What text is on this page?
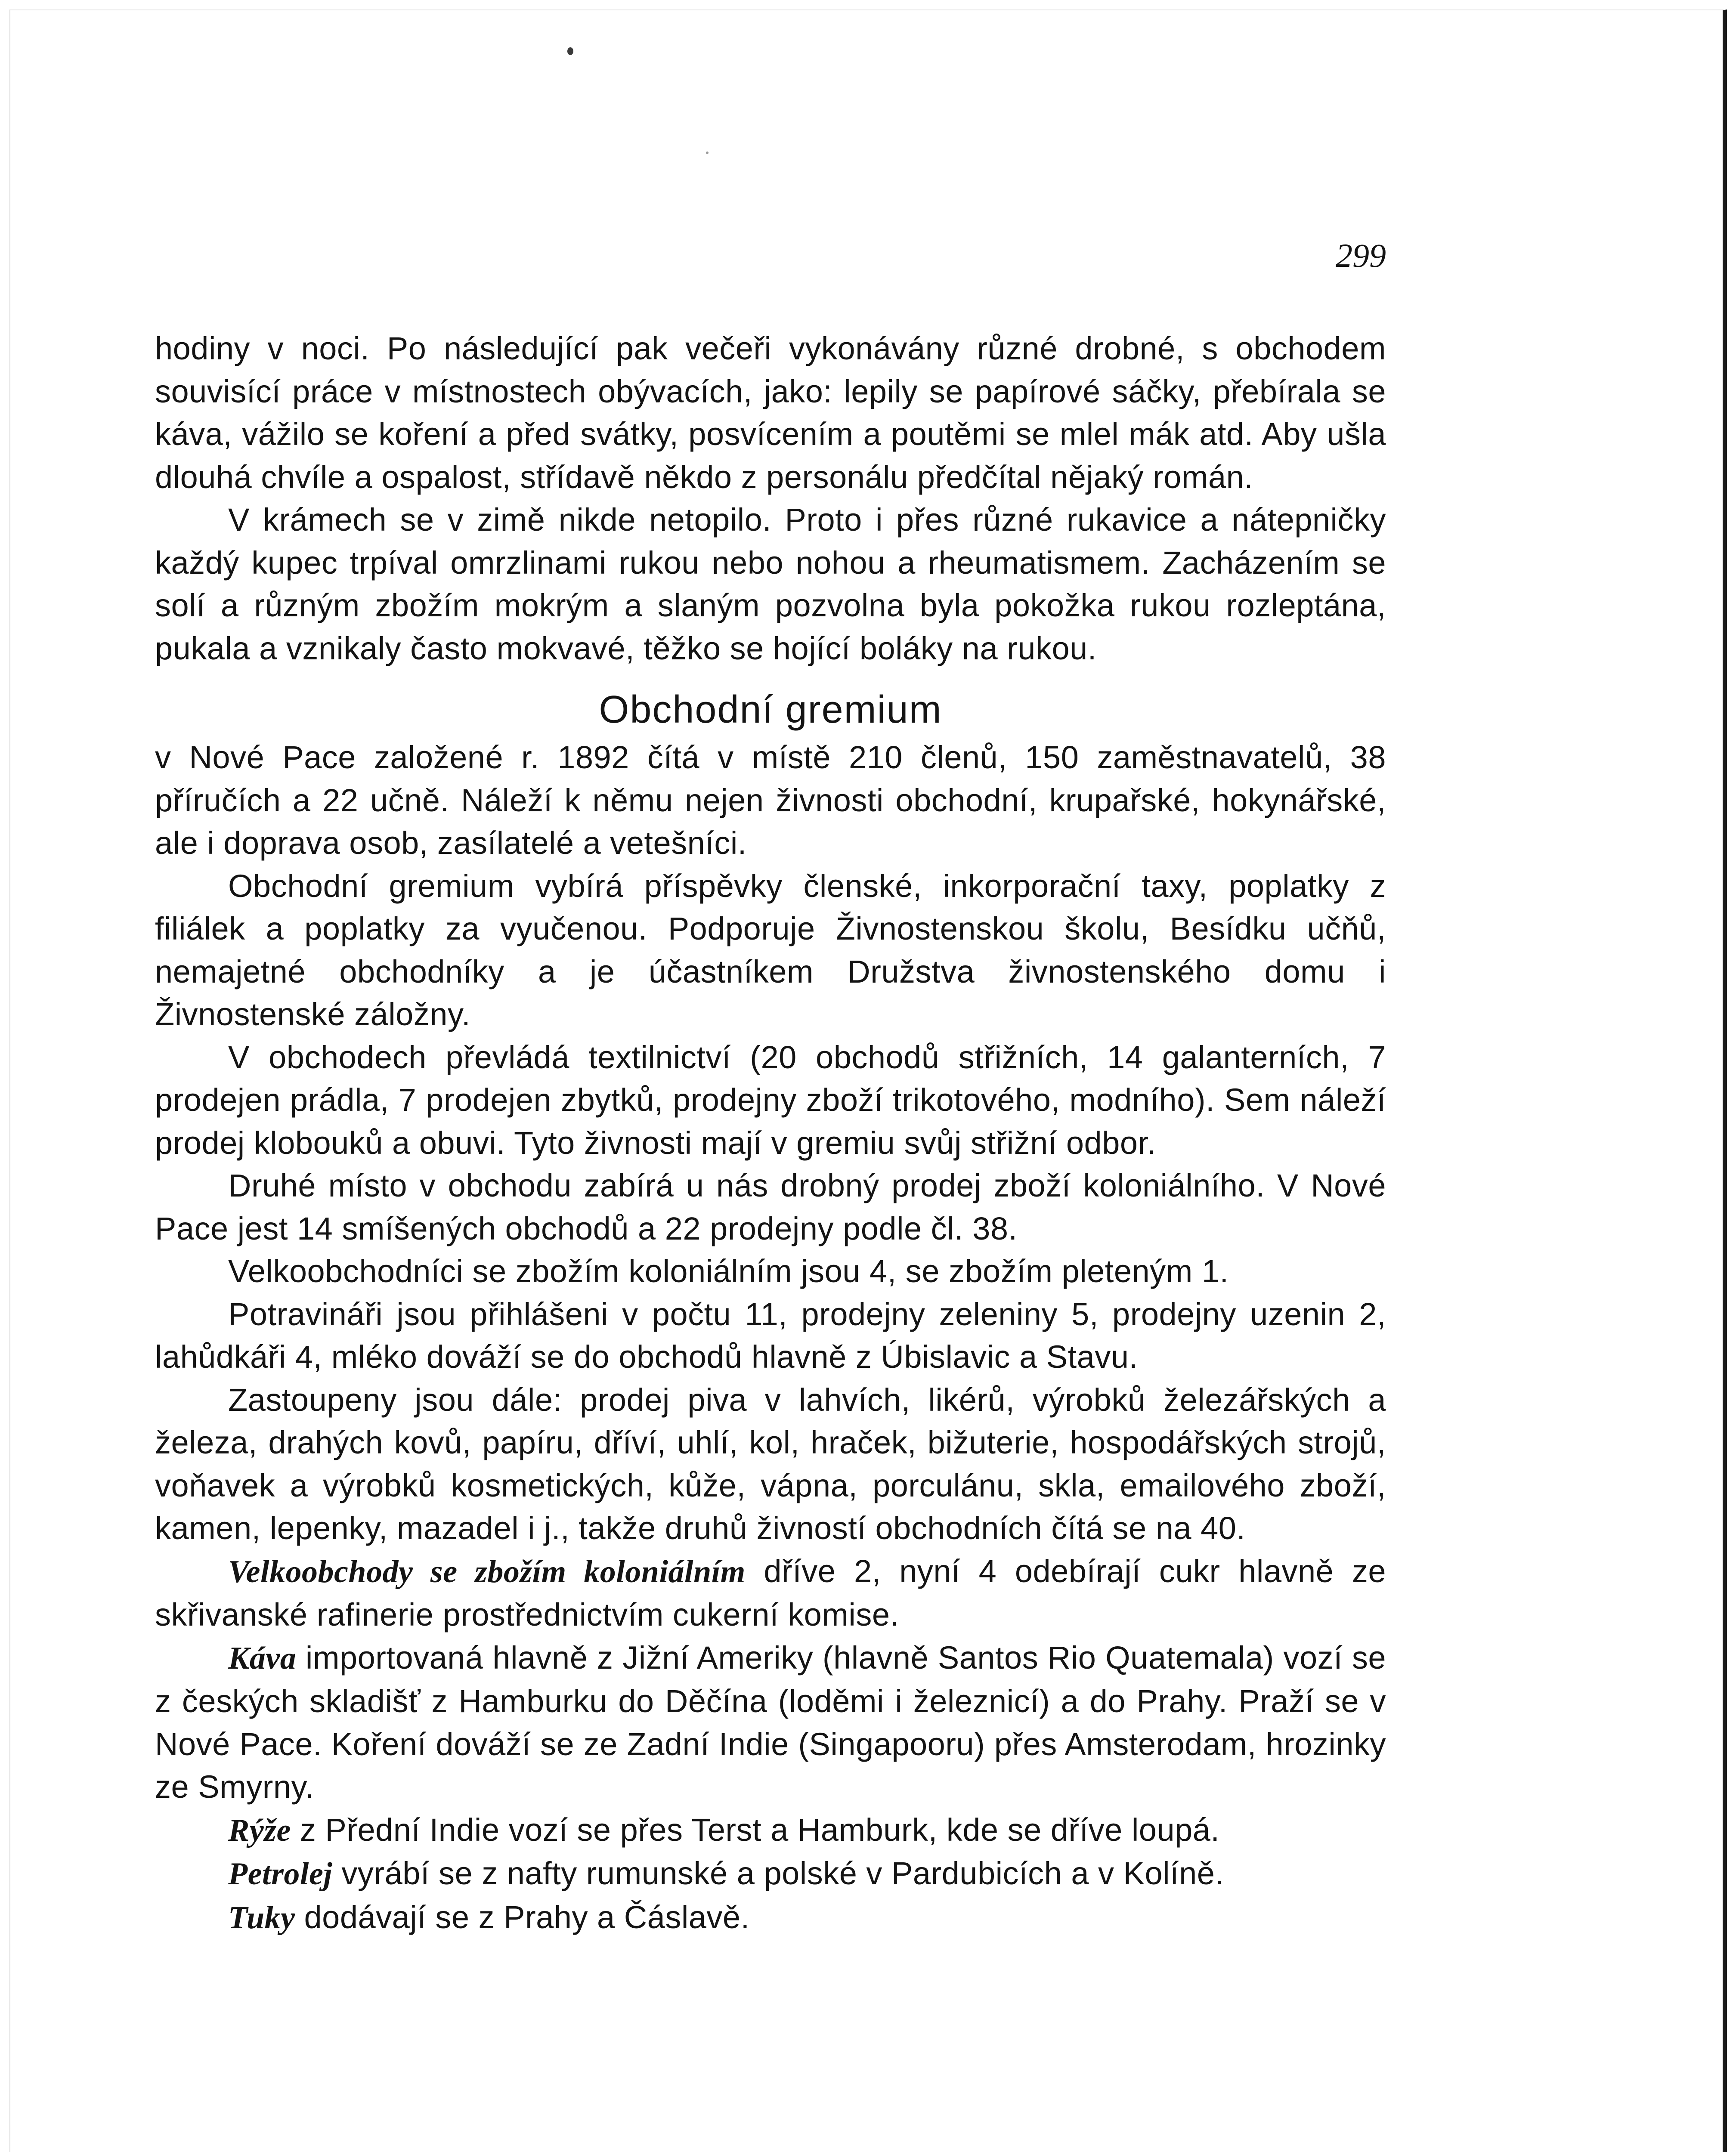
299

hodiny v noci. Po následující pak večeři vykonávány různé drobné, s obchodem souvisící práce v místnostech obývacích, jako: lepily se papírové sáčky, přebírala se káva, vážilo se koření a před svátky, posvícením a poutěmi se mlel mák atd. Aby ušla dlouhá chvíle a ospalost, střídavě někdo z personálu předčítal nějaký román.

V krámech se v zimě nikde netopilo. Proto i přes různé rukavice a nátepničky každý kupec trpíval omrzlinami rukou nebo nohou a rheumatismem. Zacházením se solí a různým zbožím mokrým a slaným pozvolna byla pokožka rukou rozleptána, pukala a vznikaly často mokvavé, těžko se hojící boláky na rukou.

Obchodní gremium

v Nové Pace založené r. 1892 čítá v místě 210 členů, 150 zaměstnavatelů, 38 příručích a 22 učně. Náleží k němu nejen živnosti obchodní, krupařské, hokynářské, ale i doprava osob, zasílatelé a vetešníci.

Obchodní gremium vybírá příspěvky členské, inkorporační taxy, poplatky z filiálek a poplatky za vyučenou. Podporuje Živnostenskou školu, Besídku učňů, nemajetné obchodníky a je účastníkem Družstva živnostenského domu i Živnostenské záložny.

V obchodech převládá textilnictví (20 obchodů střižních, 14 galanterních, 7 prodejen prádla, 7 prodejen zbytků, prodejny zboží trikotového, modního). Sem náleží prodej klobouků a obuvi. Tyto živnosti mají v gremiu svůj střižní odbor.

Druhé místo v obchodu zabírá u nás drobný prodej zboží koloniálního. V Nové Pace jest 14 smíšených obchodů a 22 prodejny podle čl. 38.

Velkoobchodníci se zbožím koloniálním jsou 4, se zbožím pleteným 1.

Potravináři jsou přihlášeni v počtu 11, prodejny zeleniny 5, prodejny uzenin 2, lahůdkáři 4, mléko dováží se do obchodů hlavně z Úbislavic a Stavu.

Zastoupeny jsou dále: prodej piva v lahvích, likérů, výrobků železářských a železa, drahých kovů, papíru, dříví, uhlí, kol, hraček, bižuterie, hospodářských strojů, voňavek a výrobků kosmetických, kůže, vápna, porculánu, skla, emailového zboží, kamen, lepenky, mazadel i j., takže druhů živností obchodních čítá se na 40.

Velkoobchody se zbožím koloniálním dříve 2, nyní 4 odebírají cukr hlavně ze skřivanské rafinerie prostřednictvím cukerní komise.

Káva importovaná hlavně z Jižní Ameriky (hlavně Santos Rio Quatemala) vozí se z českých skladišť z Hamburku do Děčína (loděmi i železnicí) a do Prahy. Praží se v Nové Pace. Koření dováží se ze Zadní Indie (Singapooru) přes Amsterodam, hrozinky ze Smyrny.

Rýže z Přední Indie vozí se přes Terst a Hamburk, kde se dříve loupá.

Petrolej vyrábí se z nafty rumunské a polské v Pardubicích a v Kolíně.

Tuky dodávají se z Prahy a Čáslavě.
